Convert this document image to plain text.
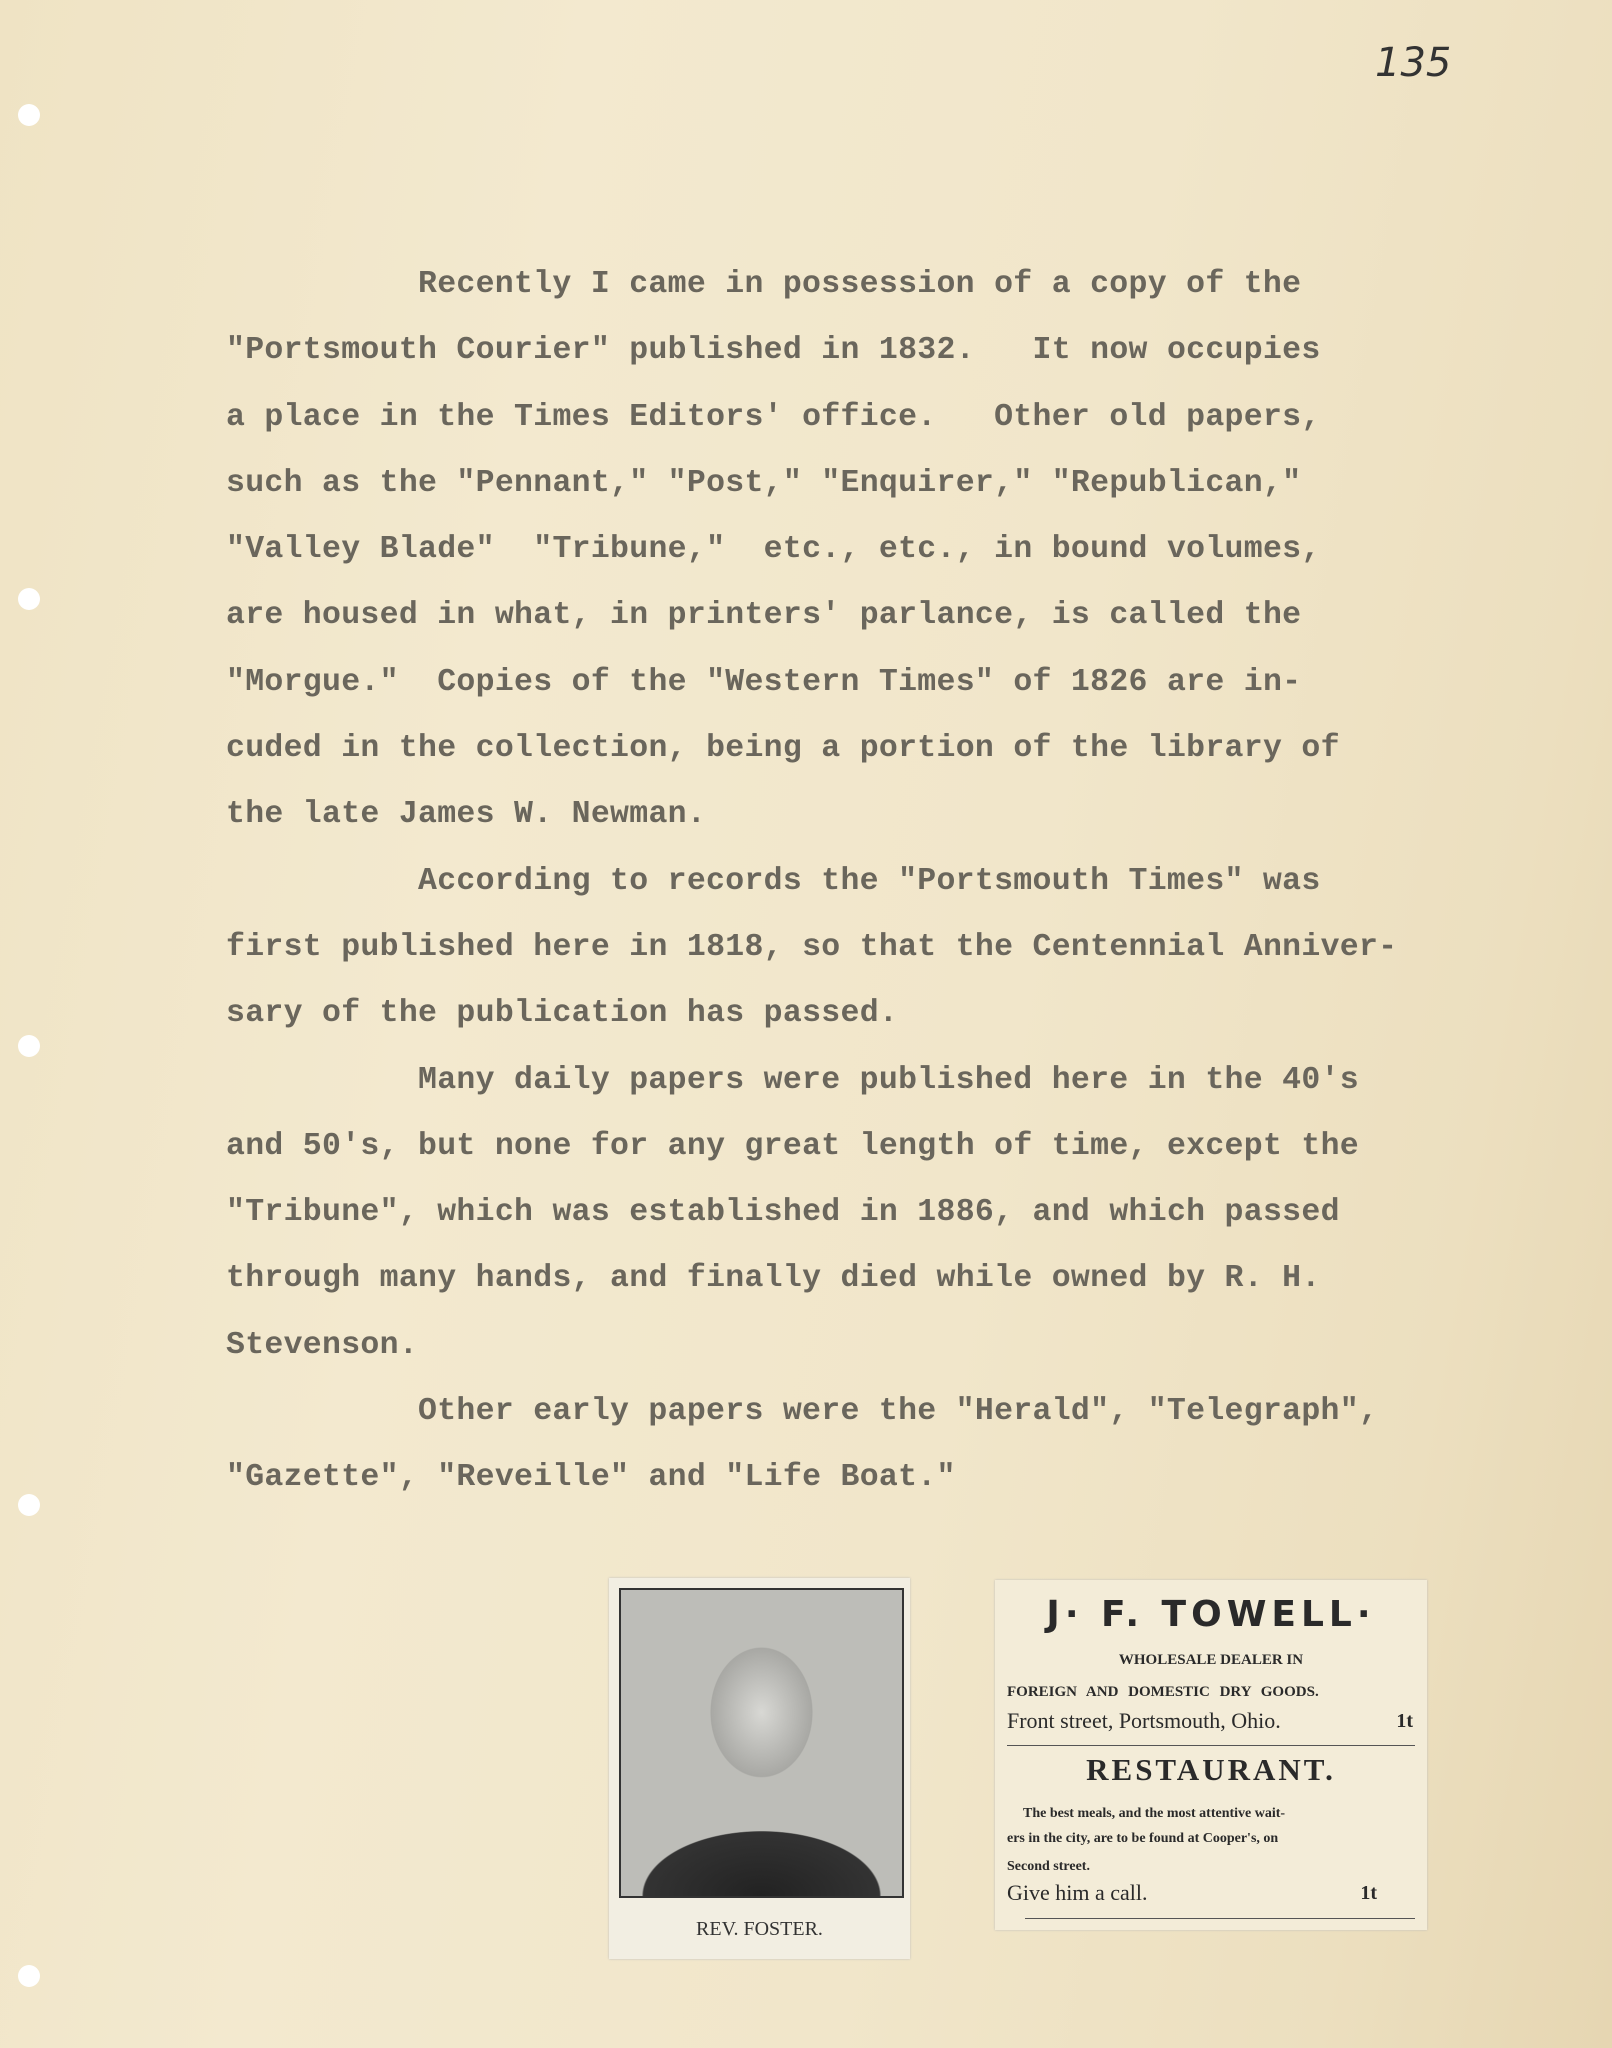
135
Recently I came in possession of a copy of the
"Portsmouth Courier" published in 1832.   It now occupies
a place in the Times Editors' office.   Other old papers,
such as the "Pennant," "Post," "Enquirer," "Republican,"
"Valley Blade"  "Tribune,"  etc., etc., in bound volumes,
are housed in what, in printers' parlance, is called the
"Morgue."  Copies of the "Western Times" of 1826 are in-
cuded in the collection, being a portion of the library of
the late James W. Newman.
According to records the "Portsmouth Times" was
first published here in 1818, so that the Centennial Anniver-
sary of the publication has passed.
Many daily papers were published here in the 40's
and 50's, but none for any great length of time, except the
"Tribune", which was established in 1886, and which passed
through many hands, and finally died while owned by R. H.
Stevenson.
Other early papers were the "Herald", "Telegraph",
"Gazette", "Reveille" and "Life Boat."
REV. FOSTER.
J· F. TOWELL·
WHOLESALE DEALER IN
FOREIGN AND DOMESTIC DRY GOODS.
Front street, Portsmouth, Ohio.	1t
RESTAURANT.
The best meals, and the most attentive wait-
ers in the city, are to be found at Cooper's, on
Second street.
Give him a call.	1t
